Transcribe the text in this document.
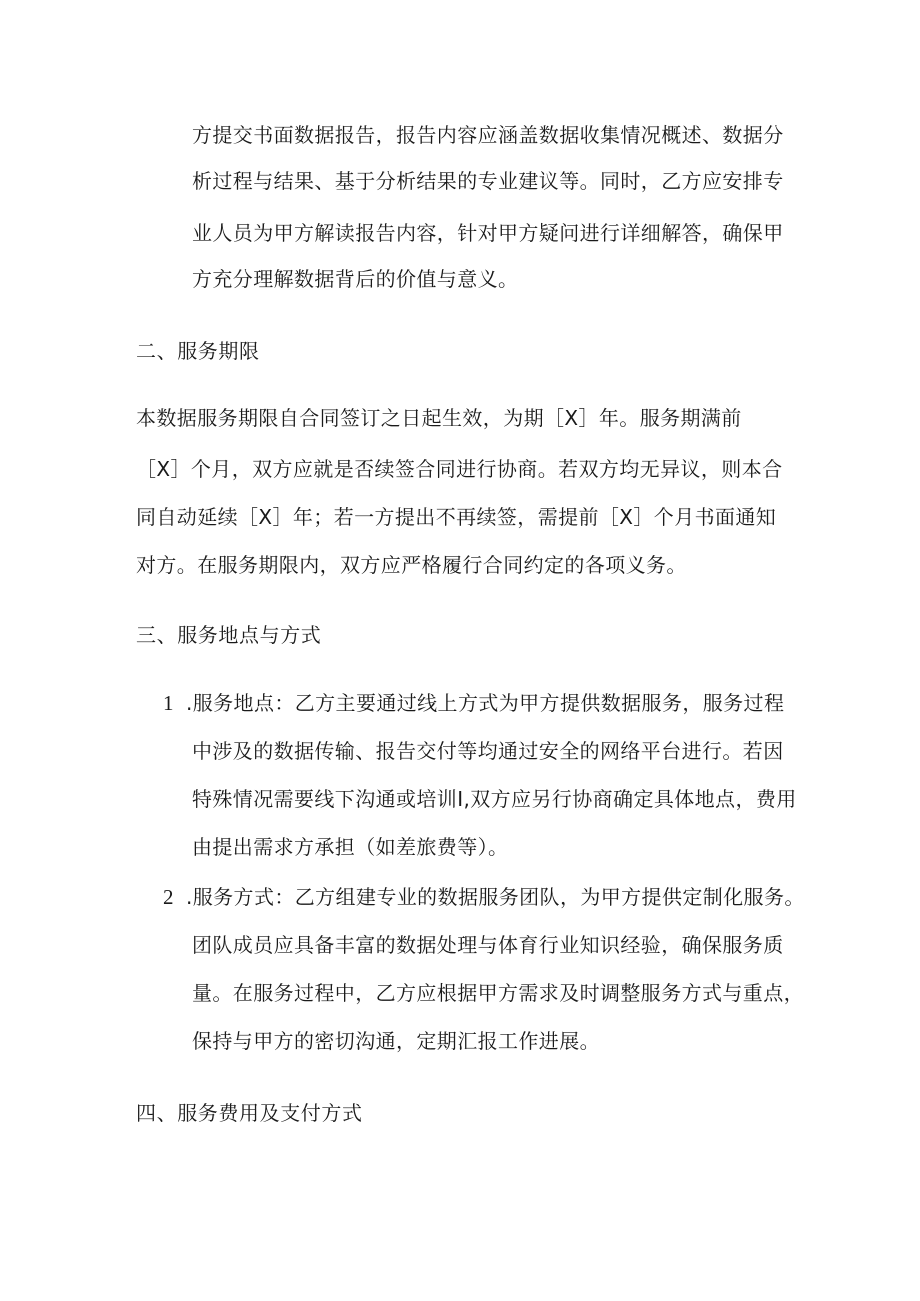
方提交书面数据报告，报告内容应涵盖数据收集情况概述、数据分
析过程与结果、基于分析结果的专业建议等。同时，乙方应安排专
业人员为甲方解读报告内容，针对甲方疑问进行详细解答，确保甲
方充分理解数据背后的价值与意义。
二、服务期限
本数据服务期限自合同签订之日起生效，为期［X］年。服务期满前
［X］个月，双方应就是否续签合同进行协商。若双方均无异议，则本合
同自动延续［X］年；若一方提出不再续签，需提前［X］个月书面通知
对方。在服务期限内，双方应严格履行合同约定的各项义务。
三、服务地点与方式
1 .服务地点：乙方主要通过线上方式为甲方提供数据服务，服务过程
中涉及的数据传输、报告交付等均通过安全的网络平台进行。若因
特殊情况需要线下沟通或培训I,双方应另行协商确定具体地点，费用
由提出需求方承担（如差旅费等）。
2 .服务方式：乙方组建专业的数据服务团队，为甲方提供定制化服务。
团队成员应具备丰富的数据处理与体育行业知识经验，确保服务质
量。在服务过程中，乙方应根据甲方需求及时调整服务方式与重点，
保持与甲方的密切沟通，定期汇报工作进展。
四、服务费用及支付方式
